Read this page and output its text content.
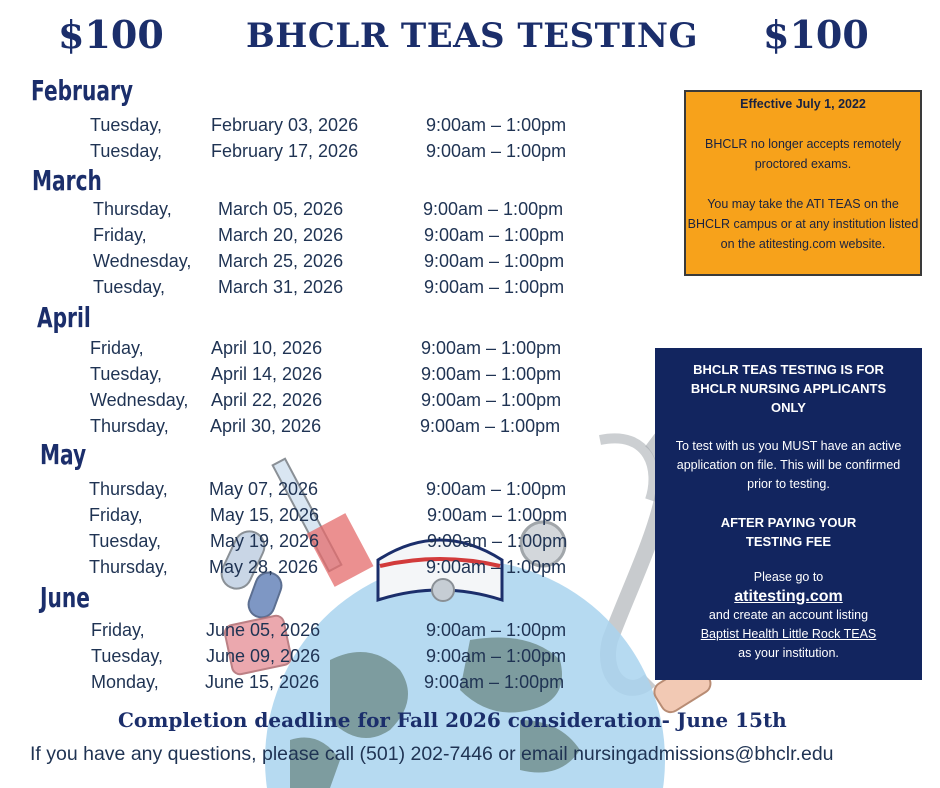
$100 BHCLR TEAS TESTING $100
February
Tuesday,	February 03, 2026	9:00am – 1:00pm
Tuesday,	February 17, 2026	9:00am – 1:00pm
March
Thursday,	March 05, 2026	9:00am – 1:00pm
Friday,	March 20, 2026	9:00am – 1:00pm
Wednesday, March 25, 2026	9:00am – 1:00pm
Tuesday,	March 31, 2026	9:00am – 1:00pm
April
Friday,	April 10, 2026	9:00am – 1:00pm
Tuesday,	April 14, 2026	9:00am – 1:00pm
Wednesday, April 22, 2026	9:00am – 1:00pm
Thursday, April 30, 2026	9:00am – 1:00pm
May
Thursday, May 07, 2026	9:00am – 1:00pm
Friday,	May 15, 2026	9:00am – 1:00pm
Tuesday,	May 19, 2026	9:00am – 1:00pm
Thursday, May 28, 2026	9:00am – 1:00pm
June
Friday,	June 05, 2026	9:00am – 1:00pm
Tuesday, June 09, 2026	9:00am – 1:00pm
Monday,	June 15, 2026	9:00am – 1:00pm

Effective July 1, 2022

BHCLR no longer accepts remotely proctored exams.

You may take the ATI TEAS on the BHCLR campus or at any institution listed on the atitesting.com website.

BHCLR TEAS TESTING IS FOR BHCLR NURSING APPLICANTS ONLY

To test with us you MUST have an active application on file. This will be confirmed prior to testing.

AFTER PAYING YOUR TESTING FEE

Please go to

atitesting.com

and create an account listing

Baptist Health Little Rock TEAS

as your institution.

Completion deadline for Fall 2026 consideration- June 15th
If you have any questions, please call (501) 202-7446 or email nursingadmissions@bhclr.edu
